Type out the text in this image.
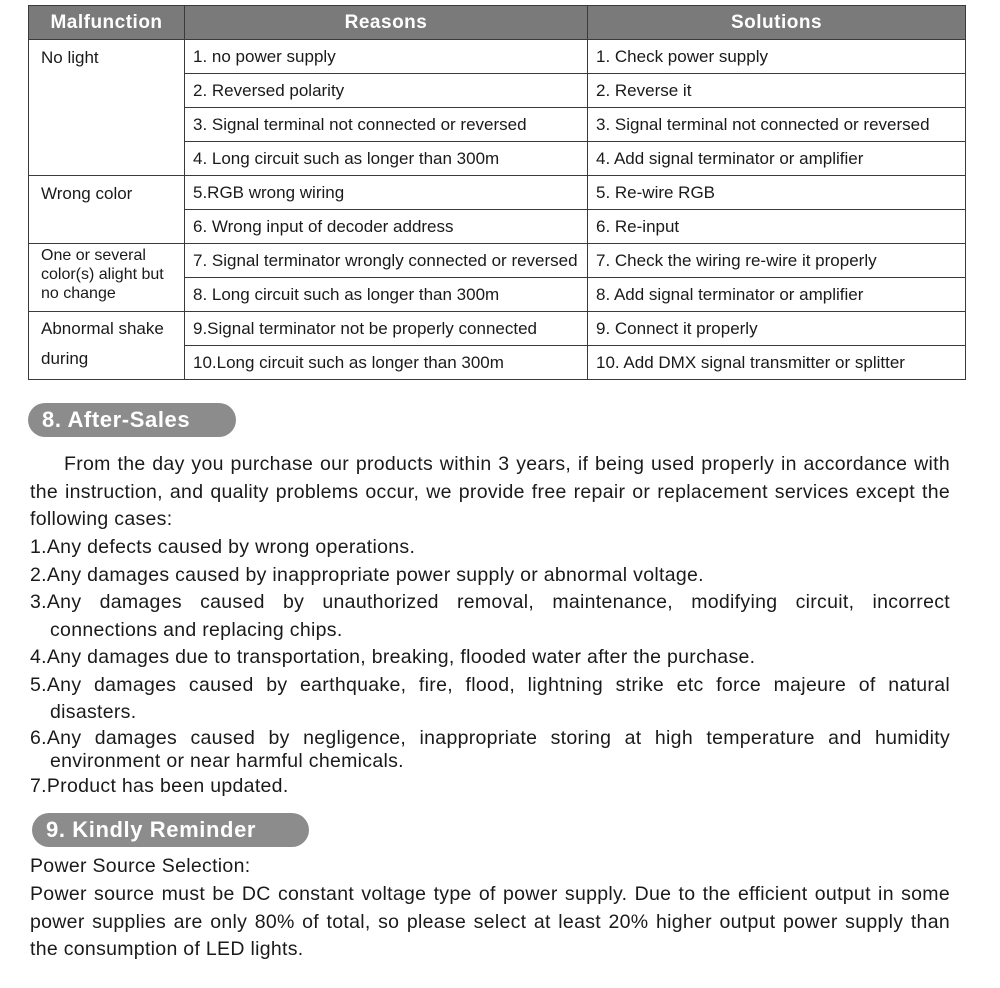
Malfunction	Reasons	Solutions
No light	1. no power supply	1. Check power supply
	2. Reversed polarity	2. Reverse it
	3. Signal terminal not connected or reversed	3. Signal terminal not connected or reversed
	4. Long circuit such as longer than 300m	4. Add signal terminator or amplifier
Wrong color	5.RGB wrong wiring	5. Re-wire RGB
	6. Wrong input of decoder address	6. Re-input
One or several color(s) alight but no change	7. Signal terminator wrongly connected or reversed	7. Check the wiring re-wire it properly
	8. Long circuit such as longer than 300m	8. Add signal terminator or amplifier
Abnormal shake during	9.Signal terminator not be properly connected	9. Connect it properly
	10.Long circuit such as longer than 300m	10. Add DMX signal transmitter or splitter
8. After-Sales
From the day you purchase our products within 3 years, if being used properly in accordance with the instruction, and quality problems occur, we provide free repair or replacement services except the following cases:
1.Any defects caused by wrong operations.
2.Any damages caused by inappropriate power supply or abnormal voltage.
3.Any damages caused by unauthorized removal, maintenance, modifying circuit, incorrect connections and replacing chips.
4.Any damages due to transportation, breaking, flooded water after the purchase.
5.Any damages caused by earthquake, fire, flood, lightning strike etc force majeure of natural disasters.
6.Any damages caused by negligence, inappropriate storing at high temperature and humidity environment or near harmful chemicals.
7.Product has been updated.
9. Kindly Reminder
Power Source Selection:
Power source must be DC constant voltage type of power supply. Due to the efficient output in some power supplies are only 80% of total, so please select at least 20% higher output power supply than the consumption of LED lights.
